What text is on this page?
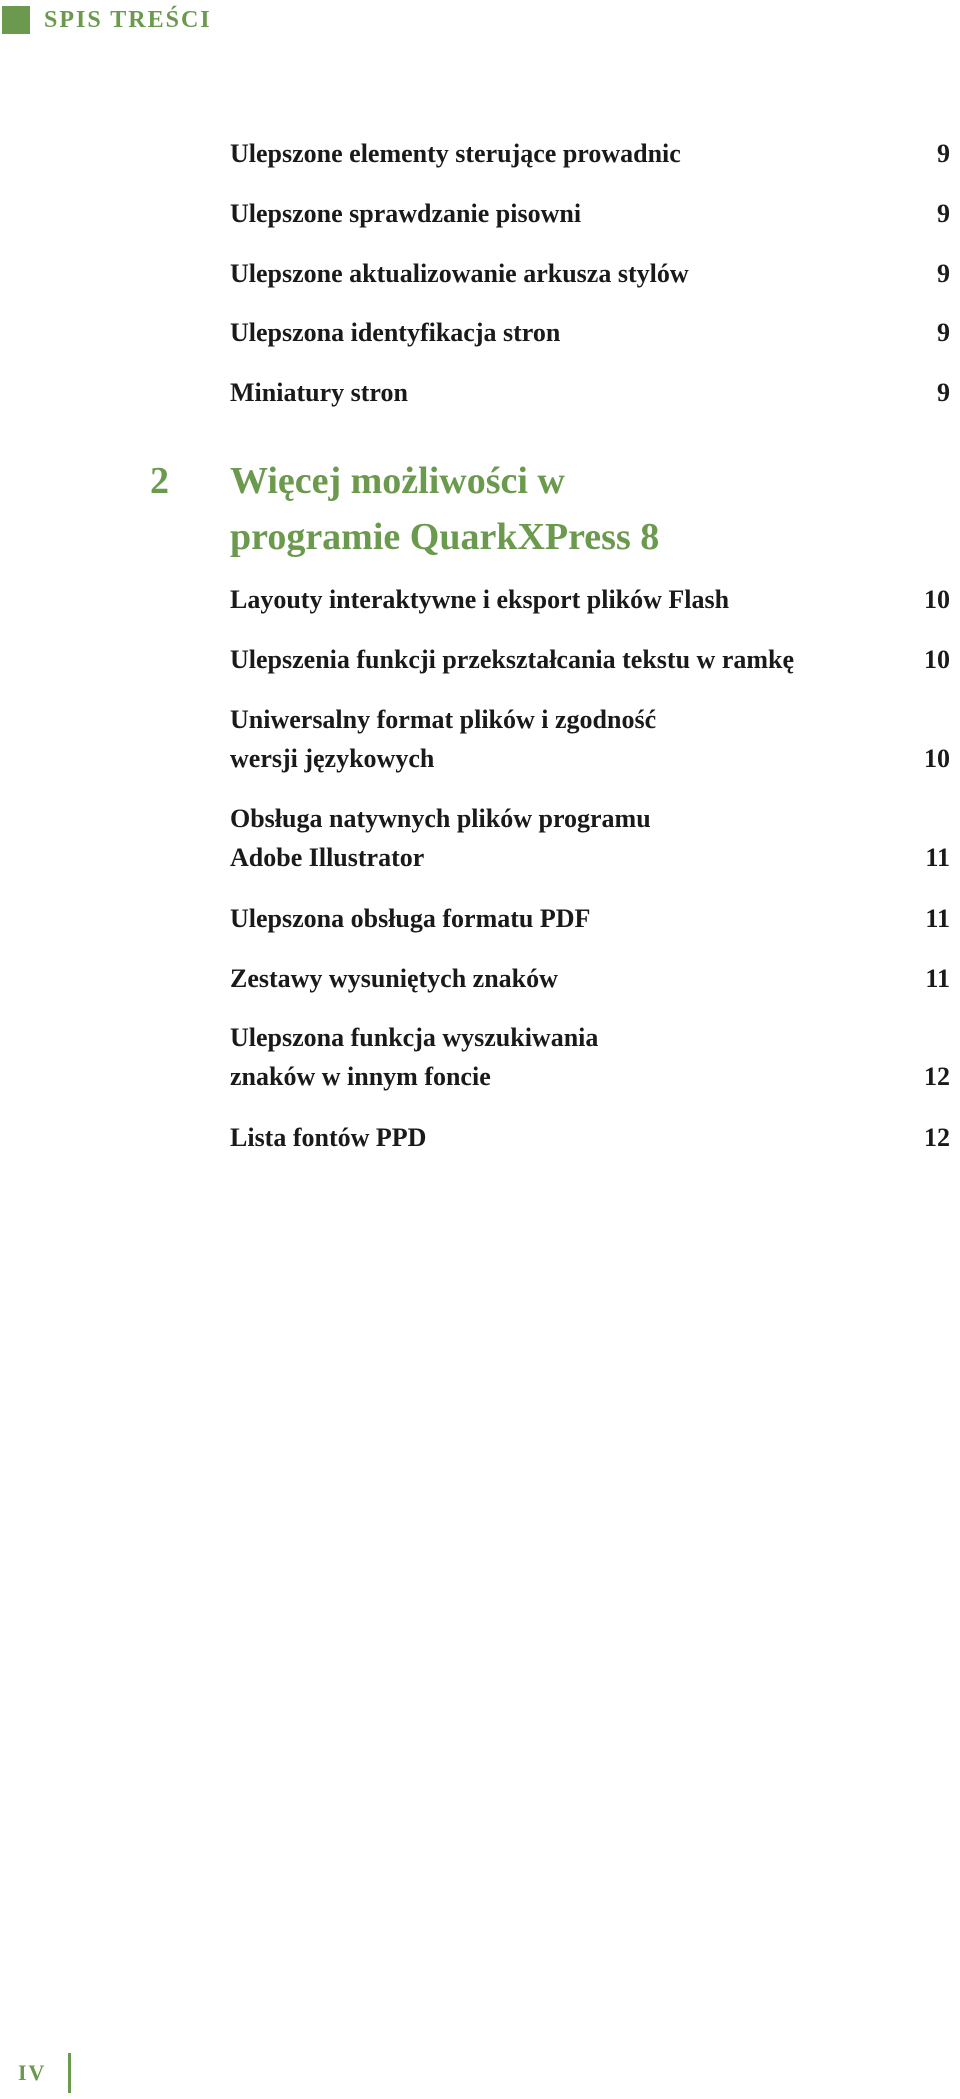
SPIS TREŚCI
Ulepszone elementy sterujące prowadnic	9
Ulepszone sprawdzanie pisowni	9
Ulepszone aktualizowanie arkusza stylów	9
Ulepszona identyfikacja stron	9
Miniatury stron	9
2	Więcej możliwości w
programie QuarkXPress 8
Layouty interaktywne i eksport plików Flash	10
Ulepszenia funkcji przekształcania tekstu w ramkę	10
Uniwersalny format plików i zgodność
wersji językowych	10
Obsługa natywnych plików programu
Adobe Illustrator	11
Ulepszona obsługa formatu PDF	11
Zestawy wysuniętych znaków	11
Ulepszona funkcja wyszukiwania
znaków w innym foncie	12
Lista fontów PPD	12
IV
